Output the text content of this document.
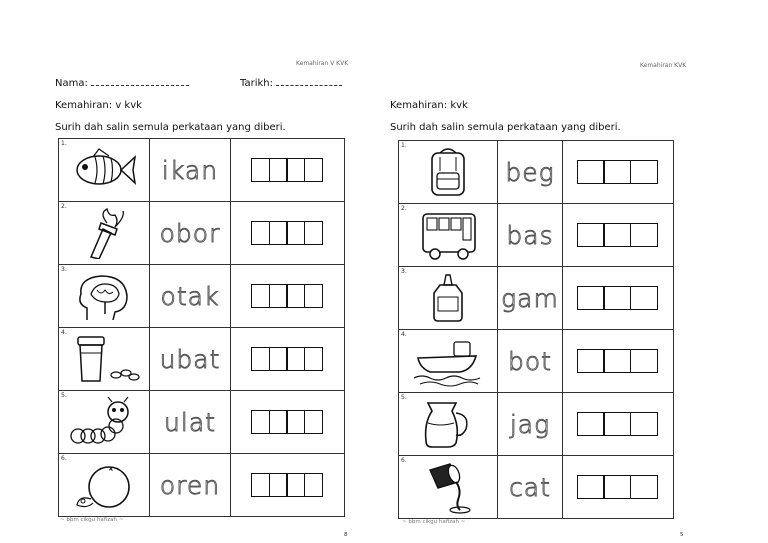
Kemahiran V KVK
Nama:	Tarikh:
Kemahiran: v kvk
Surih dah salin semula perkataan yang diberi.
1.	ikan	

2.	obor	

3.	otak	

4.	ubat	

5.	ulat	

6.	oren	
~ bbm cikgu hafizah ~
8
Kemahiran KVK
Kemahiran: kvk
Surih dah salin semula perkataan yang diberi.
1.	beg	

2.	bas	

3.	gam	

4.	bot	

5.	jag	

6.	cat	
~ bbm cikgu hafizah ~
5
